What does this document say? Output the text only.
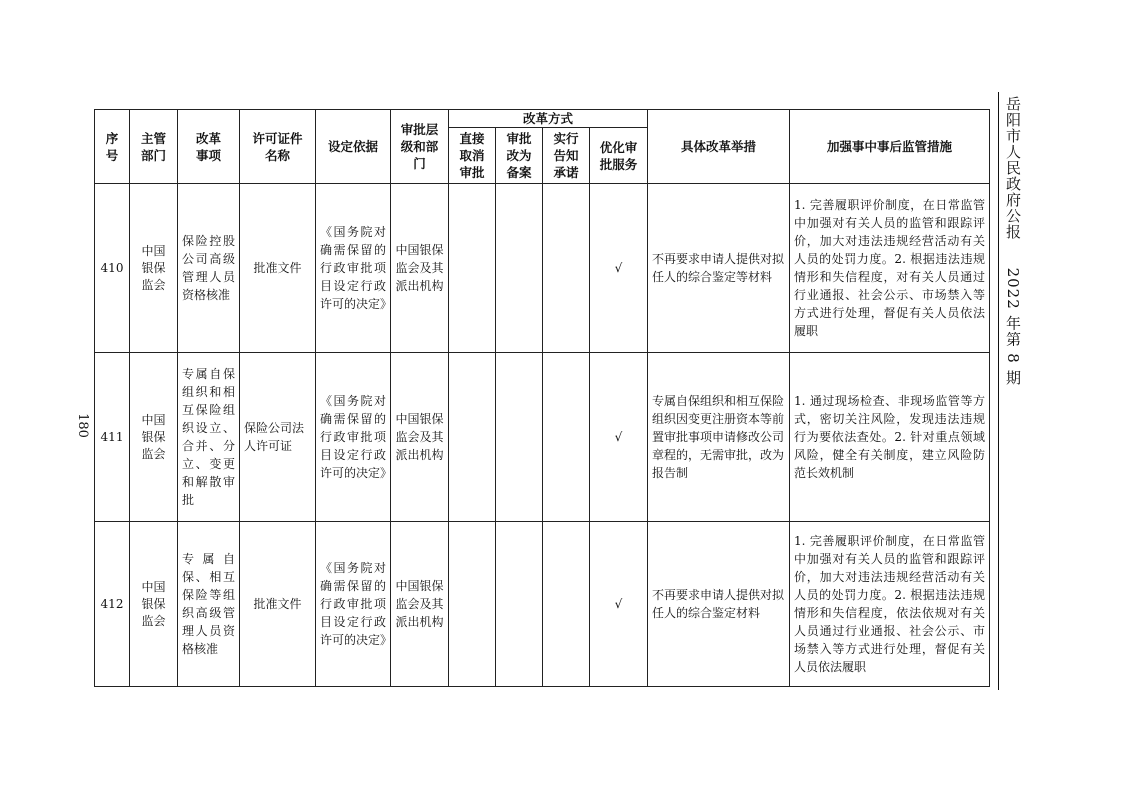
岳阳市人民政府公报 　 2022 年第 8 期
180
序号	主管部门	改革事项	许可证件名称	设定依据	审批层级和部门	改革方式				具体改革举措	加强事中事后监管措施
						直接取消审批	审批改为备案	实行告知承诺	优化审批服务		
410	中国银保监会	保险控股公司高级管理人员资格核准	批准文件	《国务院对确需保留的行政审批项目设定行政许可的决定》	中国银保监会及其派出机构				√	不再要求申请人提供对拟任人的综合鉴定等材料	1. 完善履职评价制度，在日常监管中加强对有关人员的监管和跟踪评价，加大对违法违规经营活动有关人员的处罚力度。2. 根据违法违规情形和失信程度，对有关人员通过行业通报、社会公示、市场禁入等方式进行处理，督促有关人员依法履职
411	中国银保监会	专属自保组织和相互保险组织设立、合并、分立、变更和解散审批	保险公司法人许可证	《国务院对确需保留的行政审批项目设定行政许可的决定》	中国银保监会及其派出机构				√	专属自保组织和相互保险组织因变更注册资本等前置审批事项申请修改公司章程的，无需审批，改为报告制	1. 通过现场检查、非现场监管等方式，密切关注风险，发现违法违规行为要依法查处。2. 针对重点领域风险，健全有关制度，建立风险防范长效机制
412	中国银保监会	专属自保、相互保险等组织高级管理人员资格核准	批准文件	《国务院对确需保留的行政审批项目设定行政许可的决定》	中国银保监会及其派出机构				√	不再要求申请人提供对拟任人的综合鉴定材料	1. 完善履职评价制度，在日常监管中加强对有关人员的监管和跟踪评价，加大对违法违规经营活动有关人员的处罚力度。2. 根据违法违规情形和失信程度，依法依规对有关人员通过行业通报、社会公示、市场禁入等方式进行处理，督促有关人员依法履职
